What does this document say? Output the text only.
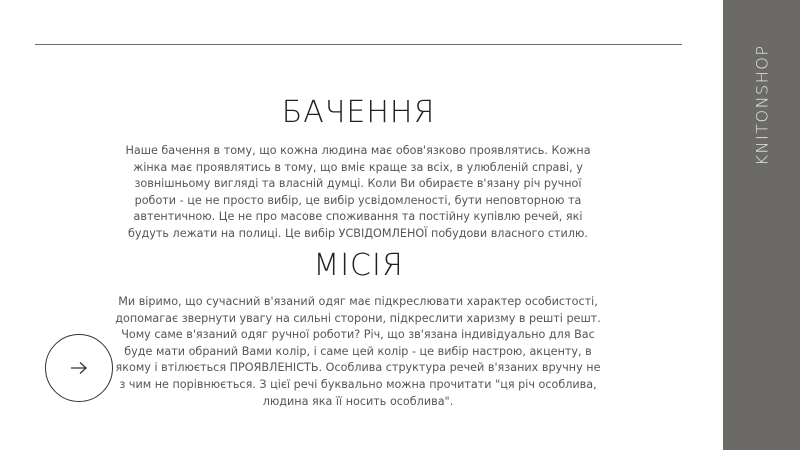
KNITONSHOP
БАЧЕННЯ
Наше бачення в тому, що кожна людина має обов'язково проявлятись. Кожна
жінка має проявлятись в тому, що вміє краще за всіх, в улюбленій справі, у
зовнішньому вигляді та власній думці. Коли Ви обираєте в'язану річ ручної
роботи - це не просто вибір, це вибір усвідомленості, бути неповторною та
автентичною. Це не про масове споживання та постійну купівлю речей, які
будуть лежати на полиці. Це вибір УСВІДОМЛЕНОЇ побудови власного стилю.
МІСІЯ
Ми віримо, що сучасний в'язаний одяг має підкреслювати характер особистості,
допомагає звернути увагу на сильні сторони, підкреслити харизму в решті решт.
Чому саме в'язаний одяг ручної роботи? Річ, що зв'язана індивідуально для Вас
буде мати обраний Вами колір, і саме цей колір - це вибір настрою, акценту, в
якому і втілюється ПРОЯВЛЕНІСТЬ. Особлива структура речей в'язаних вручну не
з чим не порівнюється. З цієї речі буквально можна прочитати "ця річ особлива,
людина яка її носить особлива".
